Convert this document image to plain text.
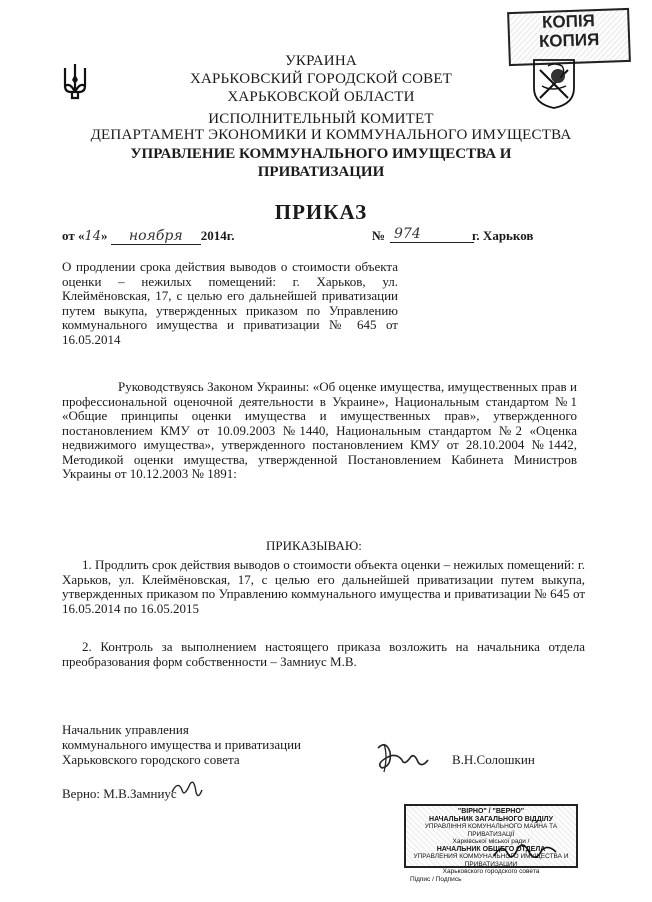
КОПІЯ
КОПИЯ
УКРАИНА
ХАРЬКОВСКИЙ ГОРОДСКОЙ СОВЕТ
ХАРЬКОВСКОЙ ОБЛАСТИ
ИСПОЛНИТЕЛЬНЫЙ КОМИТЕТ
ДЕПАРТАМЕНТ ЭКОНОМИКИ И КОММУНАЛЬНОГО ИМУЩЕСТВА
УПРАВЛЕНИЕ КОММУНАЛЬНОГО ИМУЩЕСТВА И
ПРИВАТИЗАЦИИ
ПРИКАЗ
от «14» ноября 2014г.	№ 974	г. Харьков
О продлении срока действия выводов о стоимости объекта оценки – нежилых помещений: г. Харьков, ул. Клеймёновская, 17, с целью его дальнейшей приватизации путем выкупа, утвержденных приказом по Управлению коммунального имущества и приватизации № 645 от 16.05.2014
Руководствуясь Законом Украины: «Об оценке имущества, имущественных прав и профессиональной оценочной деятельности в Украине», Национальным стандартом №1 «Общие принципы оценки имущества и имущественных прав», утвержденного постановлением КМУ от 10.09.2003 №1440, Национальным стандартом №2 «Оценка недвижимого имущества», утвержденного постановлением КМУ от 28.10.2004 №1442, Методикой оценки имущества, утвержденной Постановлением Кабинета Министров Украины от 10.12.2003 № 1891:
ПРИКАЗЫВАЮ:
1. Продлить срок действия выводов о стоимости объекта оценки – нежилых помещений: г. Харьков, ул. Клеймёновская, 17, с целью его дальнейшей приватизации путем выкупа, утвержденных приказом по Управлению коммунального имущества и приватизации № 645 от 16.05.2014 по 16.05.2015
2. Контроль за выполнением настоящего приказа возложить на начальника отдела преобразования форм собственности – Замниус М.В.
Начальник управления
коммунального имущества и приватизации
Харьковского городского совета	В.Н.Солошкин
Верно: М.В.Замниус
"ВІРНО" / "ВЕРНО"
НАЧАЛЬНИК ЗАГАЛЬНОГО ВІДДІЛУ
УПРАВЛІННЯ КОМУНАЛЬНОГО МАЙНА ТА ПРИВАТИЗАЦІЇ
Харківської міської ради /
НАЧАЛЬНИК ОБЩЕГО ОТДЕЛА
УПРАВЛЕНИЯ КОММУНАЛЬНОГО ИМУЩЕСТВА И ПРИВАТИЗАЦИИ
Харьковского городского совета
Підпис / Подпись
